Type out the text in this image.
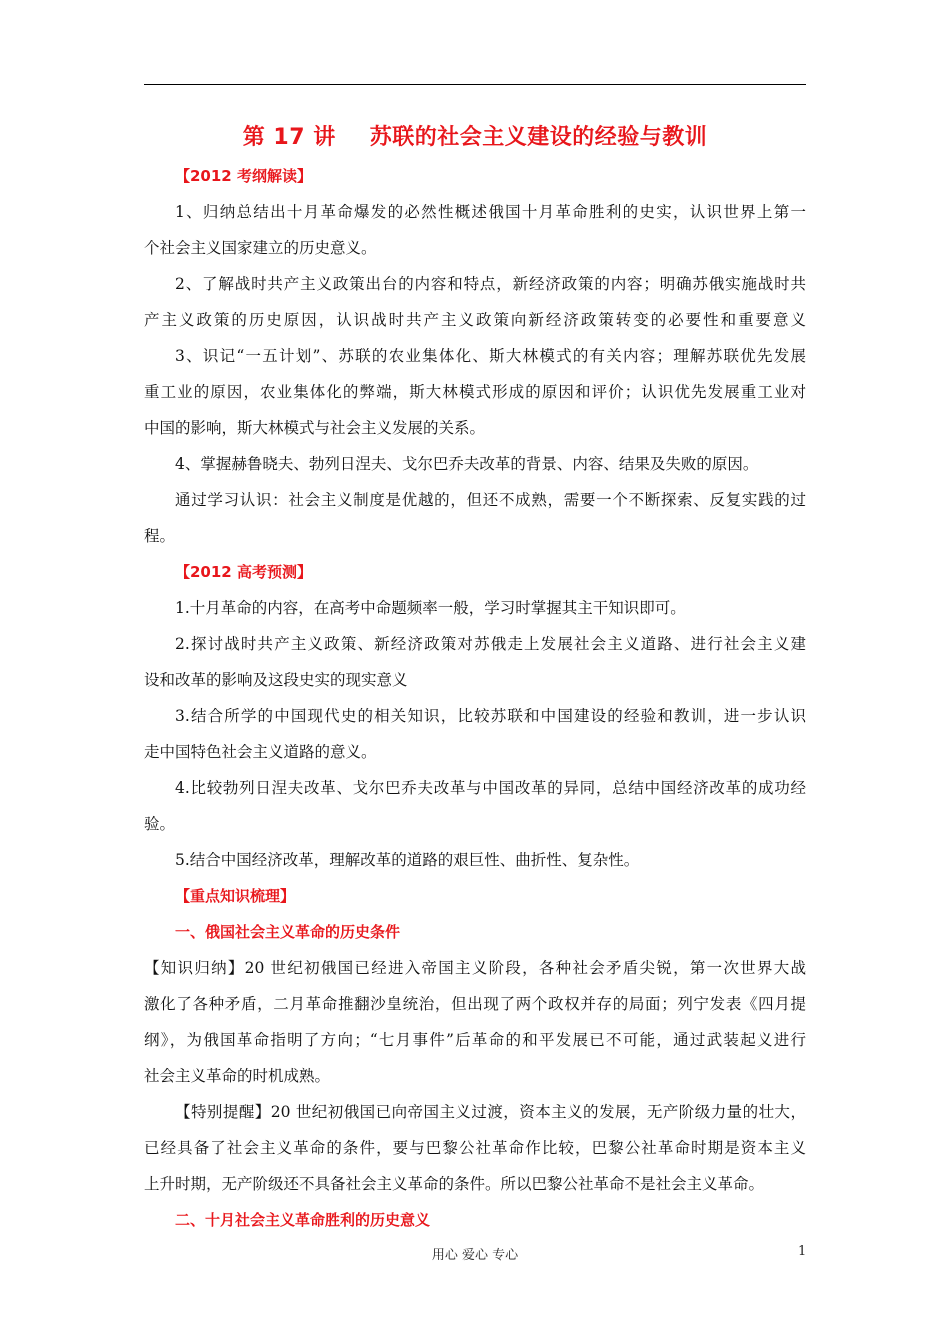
第 17 讲 苏联的社会主义建设的经验与教训
【2012 考纲解读】
1、归纳总结出十月革命爆发的必然性概述俄国十月革命胜利的史实，认识世界上第一
个社会主义国家建立的历史意义。
2、了解战时共产主义政策出台的内容和特点，新经济政策的内容；明确苏俄实施战时共
产主义政策的历史原因，认识战时共产主义政策向新经济政策转变的必要性和重要意义
3、识记“一五计划”、苏联的农业集体化、斯大林模式的有关内容；理解苏联优先发展
重工业的原因，农业集体化的弊端，斯大林模式形成的原因和评价；认识优先发展重工业对
中国的影响，斯大林模式与社会主义发展的关系。
4、掌握赫鲁晓夫、勃列日涅夫、戈尔巴乔夫改革的背景、内容、结果及失败的原因。
通过学习认识：社会主义制度是优越的，但还不成熟，需要一个不断探索、反复实践的过
程。
【2012 高考预测】
1.十月革命的内容，在高考中命题频率一般，学习时掌握其主干知识即可。
2.探讨战时共产主义政策、新经济政策对苏俄走上发展社会主义道路、进行社会主义建
设和改革的影响及这段史实的现实意义
3.结合所学的中国现代史的相关知识，比较苏联和中国建设的经验和教训，进一步认识
走中国特色社会主义道路的意义。
4.比较勃列日涅夫改革、戈尔巴乔夫改革与中国改革的异同，总结中国经济改革的成功经
验。
5.结合中国经济改革，理解改革的道路的艰巨性、曲折性、复杂性。
【重点知识梳理】
一、俄国社会主义革命的历史条件
【知识归纳】20 世纪初俄国已经进入帝国主义阶段，各种社会矛盾尖锐，第一次世界大战
激化了各种矛盾，二月革命推翻沙皇统治，但出现了两个政权并存的局面；列宁发表《四月提
纲》，为俄国革命指明了方向；“七月事件”后革命的和平发展已不可能，通过武装起义进行
社会主义革命的时机成熟。
【特别提醒】20 世纪初俄国已向帝国主义过渡，资本主义的发展，无产阶级力量的壮大，
已经具备了社会主义革命的条件，要与巴黎公社革命作比较，巴黎公社革命时期是资本主义
上升时期，无产阶级还不具备社会主义革命的条件。所以巴黎公社革命不是社会主义革命。
二、十月社会主义革命胜利的历史意义
用心 爱心 专心	1
